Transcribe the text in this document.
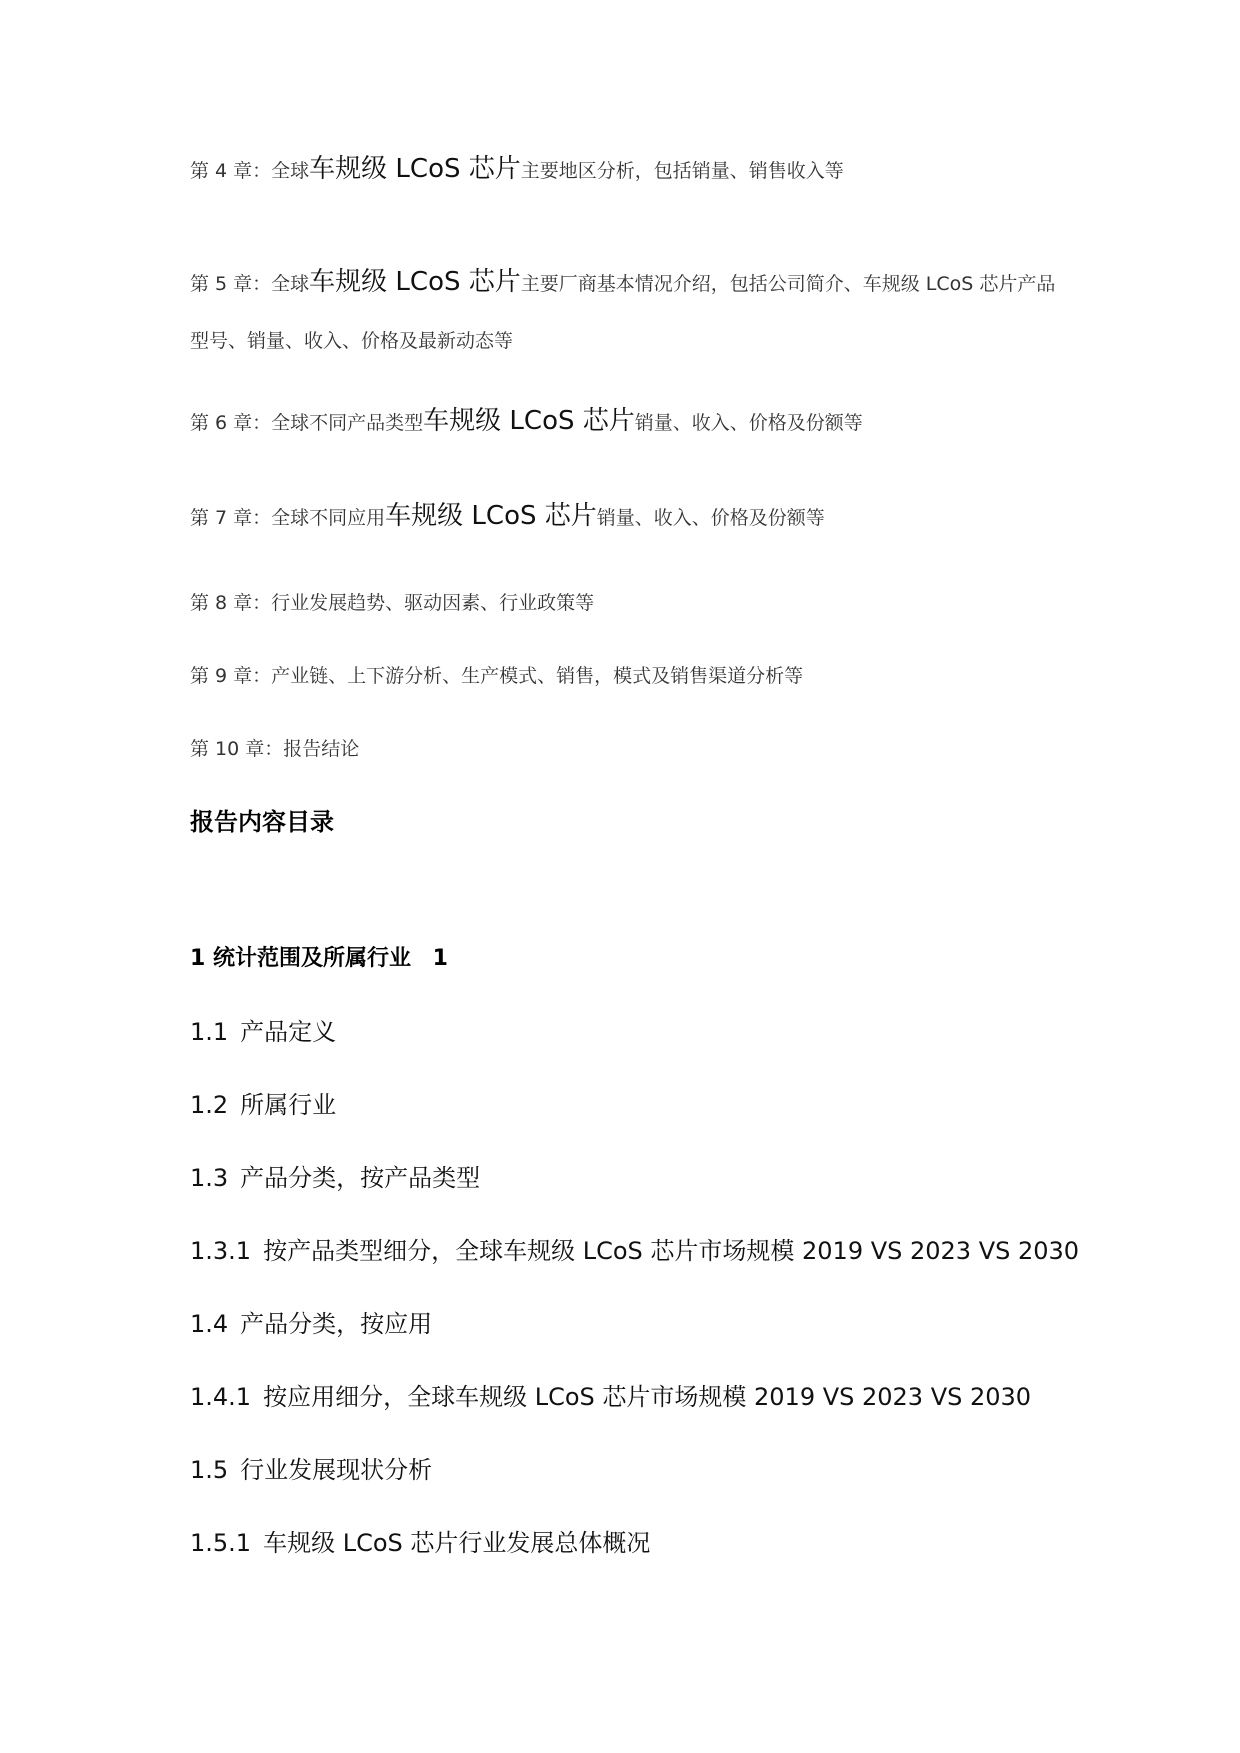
第 4 章：全球车规级 LCoS 芯片主要地区分析，包括销量、销售收入等
第 5 章：全球车规级 LCoS 芯片主要厂商基本情况介绍，包括公司简介、车规级 LCoS 芯片产品
型号、销量、收入、价格及最新动态等
第 6 章：全球不同产品类型车规级 LCoS 芯片销量、收入、价格及份额等
第 7 章：全球不同应用车规级 LCoS 芯片销量、收入、价格及份额等
第 8 章：行业发展趋势、驱动因素、行业政策等
第 9 章：产业链、上下游分析、生产模式、销售，模式及销售渠道分析等
第 10 章：报告结论
报告内容目录
1 统计范围及所属行业 1
1.1 产品定义
1.2 所属行业
1.3 产品分类，按产品类型
1.3.1 按产品类型细分，全球车规级 LCoS 芯片市场规模 2019 VS 2023 VS 2030
1.4 产品分类，按应用
1.4.1 按应用细分，全球车规级 LCoS 芯片市场规模 2019 VS 2023 VS 2030
1.5 行业发展现状分析
1.5.1 车规级 LCoS 芯片行业发展总体概况
